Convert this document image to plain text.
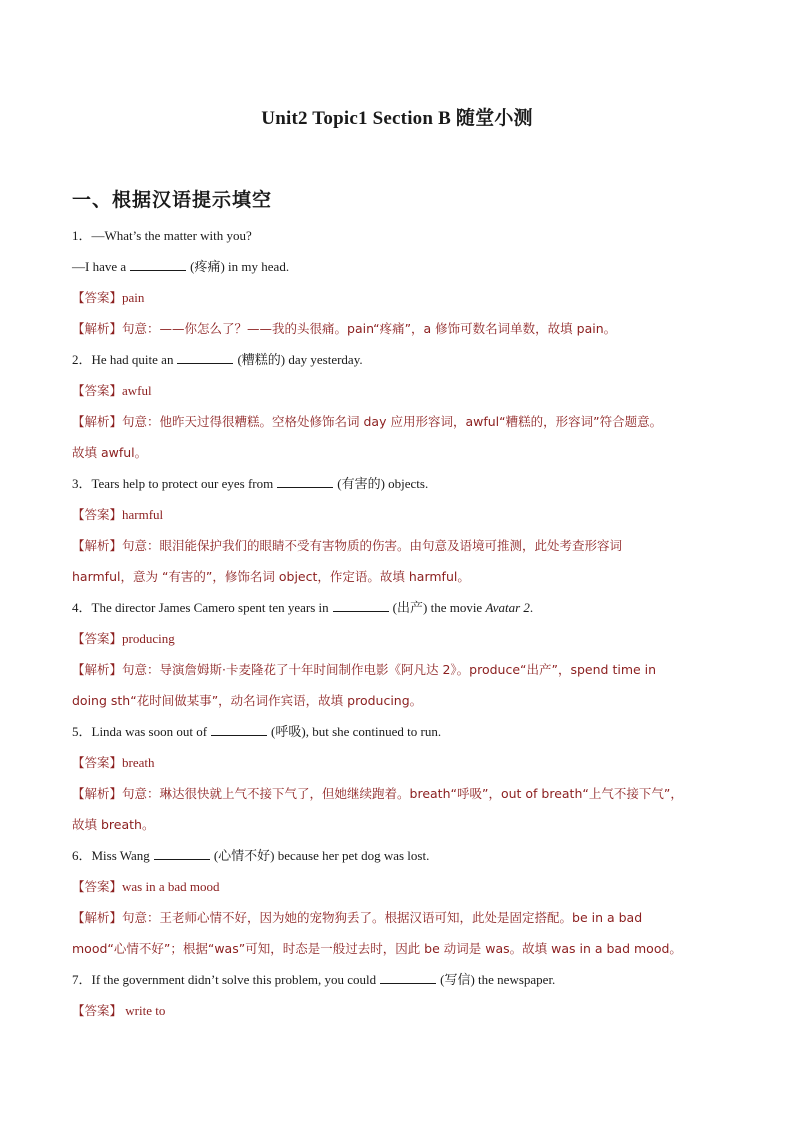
Unit2 Topic1 Section B 随堂小测
一、根据汉语提示填空
1．—What’s the matter with you?
—I have a	(疼痛) in my head.
【答案】pain
【解析】句意：——你怎么了？——我的头很痛。pain“疼痛”，a 修饰可数名词单数，故填 pain。
2．He had quite an	(糟糕的) day yesterday.
【答案】awful
【解析】句意：他昨天过得很糟糕。空格处修饰名词 day 应用形容词，awful“糟糕的，形容词”符合题意。
故填 awful。
3．Tears help to protect our eyes from	(有害的) objects.
【答案】harmful
【解析】句意：眼泪能保护我们的眼睛不受有害物质的伤害。由句意及语境可推测，此处考查形容词
harmful，意为 “有害的”，修饰名词 object，作定语。故填 harmful。
4．The director James Camero spent ten years in	(出产) the movie Avatar 2.
【答案】producing
【解析】句意：导演詹姆斯·卡麦隆花了十年时间制作电影《阿凡达 2》。produce“出产”，spend time in
doing sth“花时间做某事”，动名词作宾语，故填 producing。
5．Linda was soon out of	(呼吸), but she continued to run.
【答案】breath
【解析】句意：琳达很快就上气不接下气了，但她继续跑着。breath“呼吸”，out of breath“上气不接下气”，
故填 breath。
6．Miss Wang	(心情不好) because her pet dog was lost.
【答案】was in a bad mood
【解析】句意：王老师心情不好，因为她的宠物狗丢了。根据汉语可知，此处是固定搭配。be in a bad
mood“心情不好”；根据“was”可知，时态是一般过去时，因此 be 动词是 was。故填 was in a bad mood。
7．If the government didn’t solve this problem, you could	(写信) the newspaper.
【答案】 write to
